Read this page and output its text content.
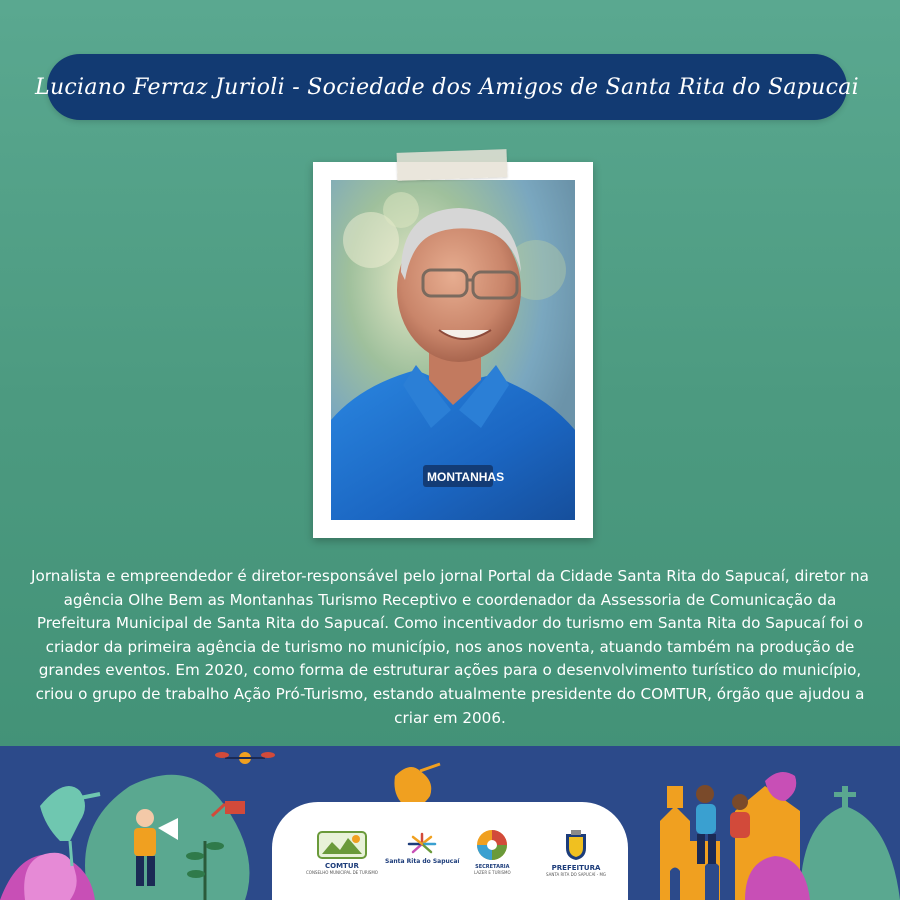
Luciano Ferraz Jurioli - Sociedade dos Amigos de Santa Rita do Sapucai
MONTANHAS
Jornalista e empreendedor é diretor-responsável pelo jornal Portal da Cidade Santa Rita do Sapucaí, diretor na agência Olhe Bem as Montanhas Turismo Receptivo e coordenador da Assessoria de Comunicação da Prefeitura Municipal de Santa Rita do Sapucaí. Como incentivador do turismo em Santa Rita do Sapucaí foi o criador da primeira agência de turismo no município, nos anos noventa, atuando também na produção de grandes eventos. Em 2020, como forma de estruturar ações para o desenvolvimento turístico do município, criou o grupo de trabalho Ação Pró-Turismo, estando atualmente presidente do COMTUR, órgão que ajudou a criar em 2006.
COMTUR
CONSELHO MUNICIPAL DE TURISMO
Santa Rita do Sapucaí
SECRETARIA
LAZER E TURISMO
PREFEITURA
SANTA RITA DO SAPUCAÍ - MG
